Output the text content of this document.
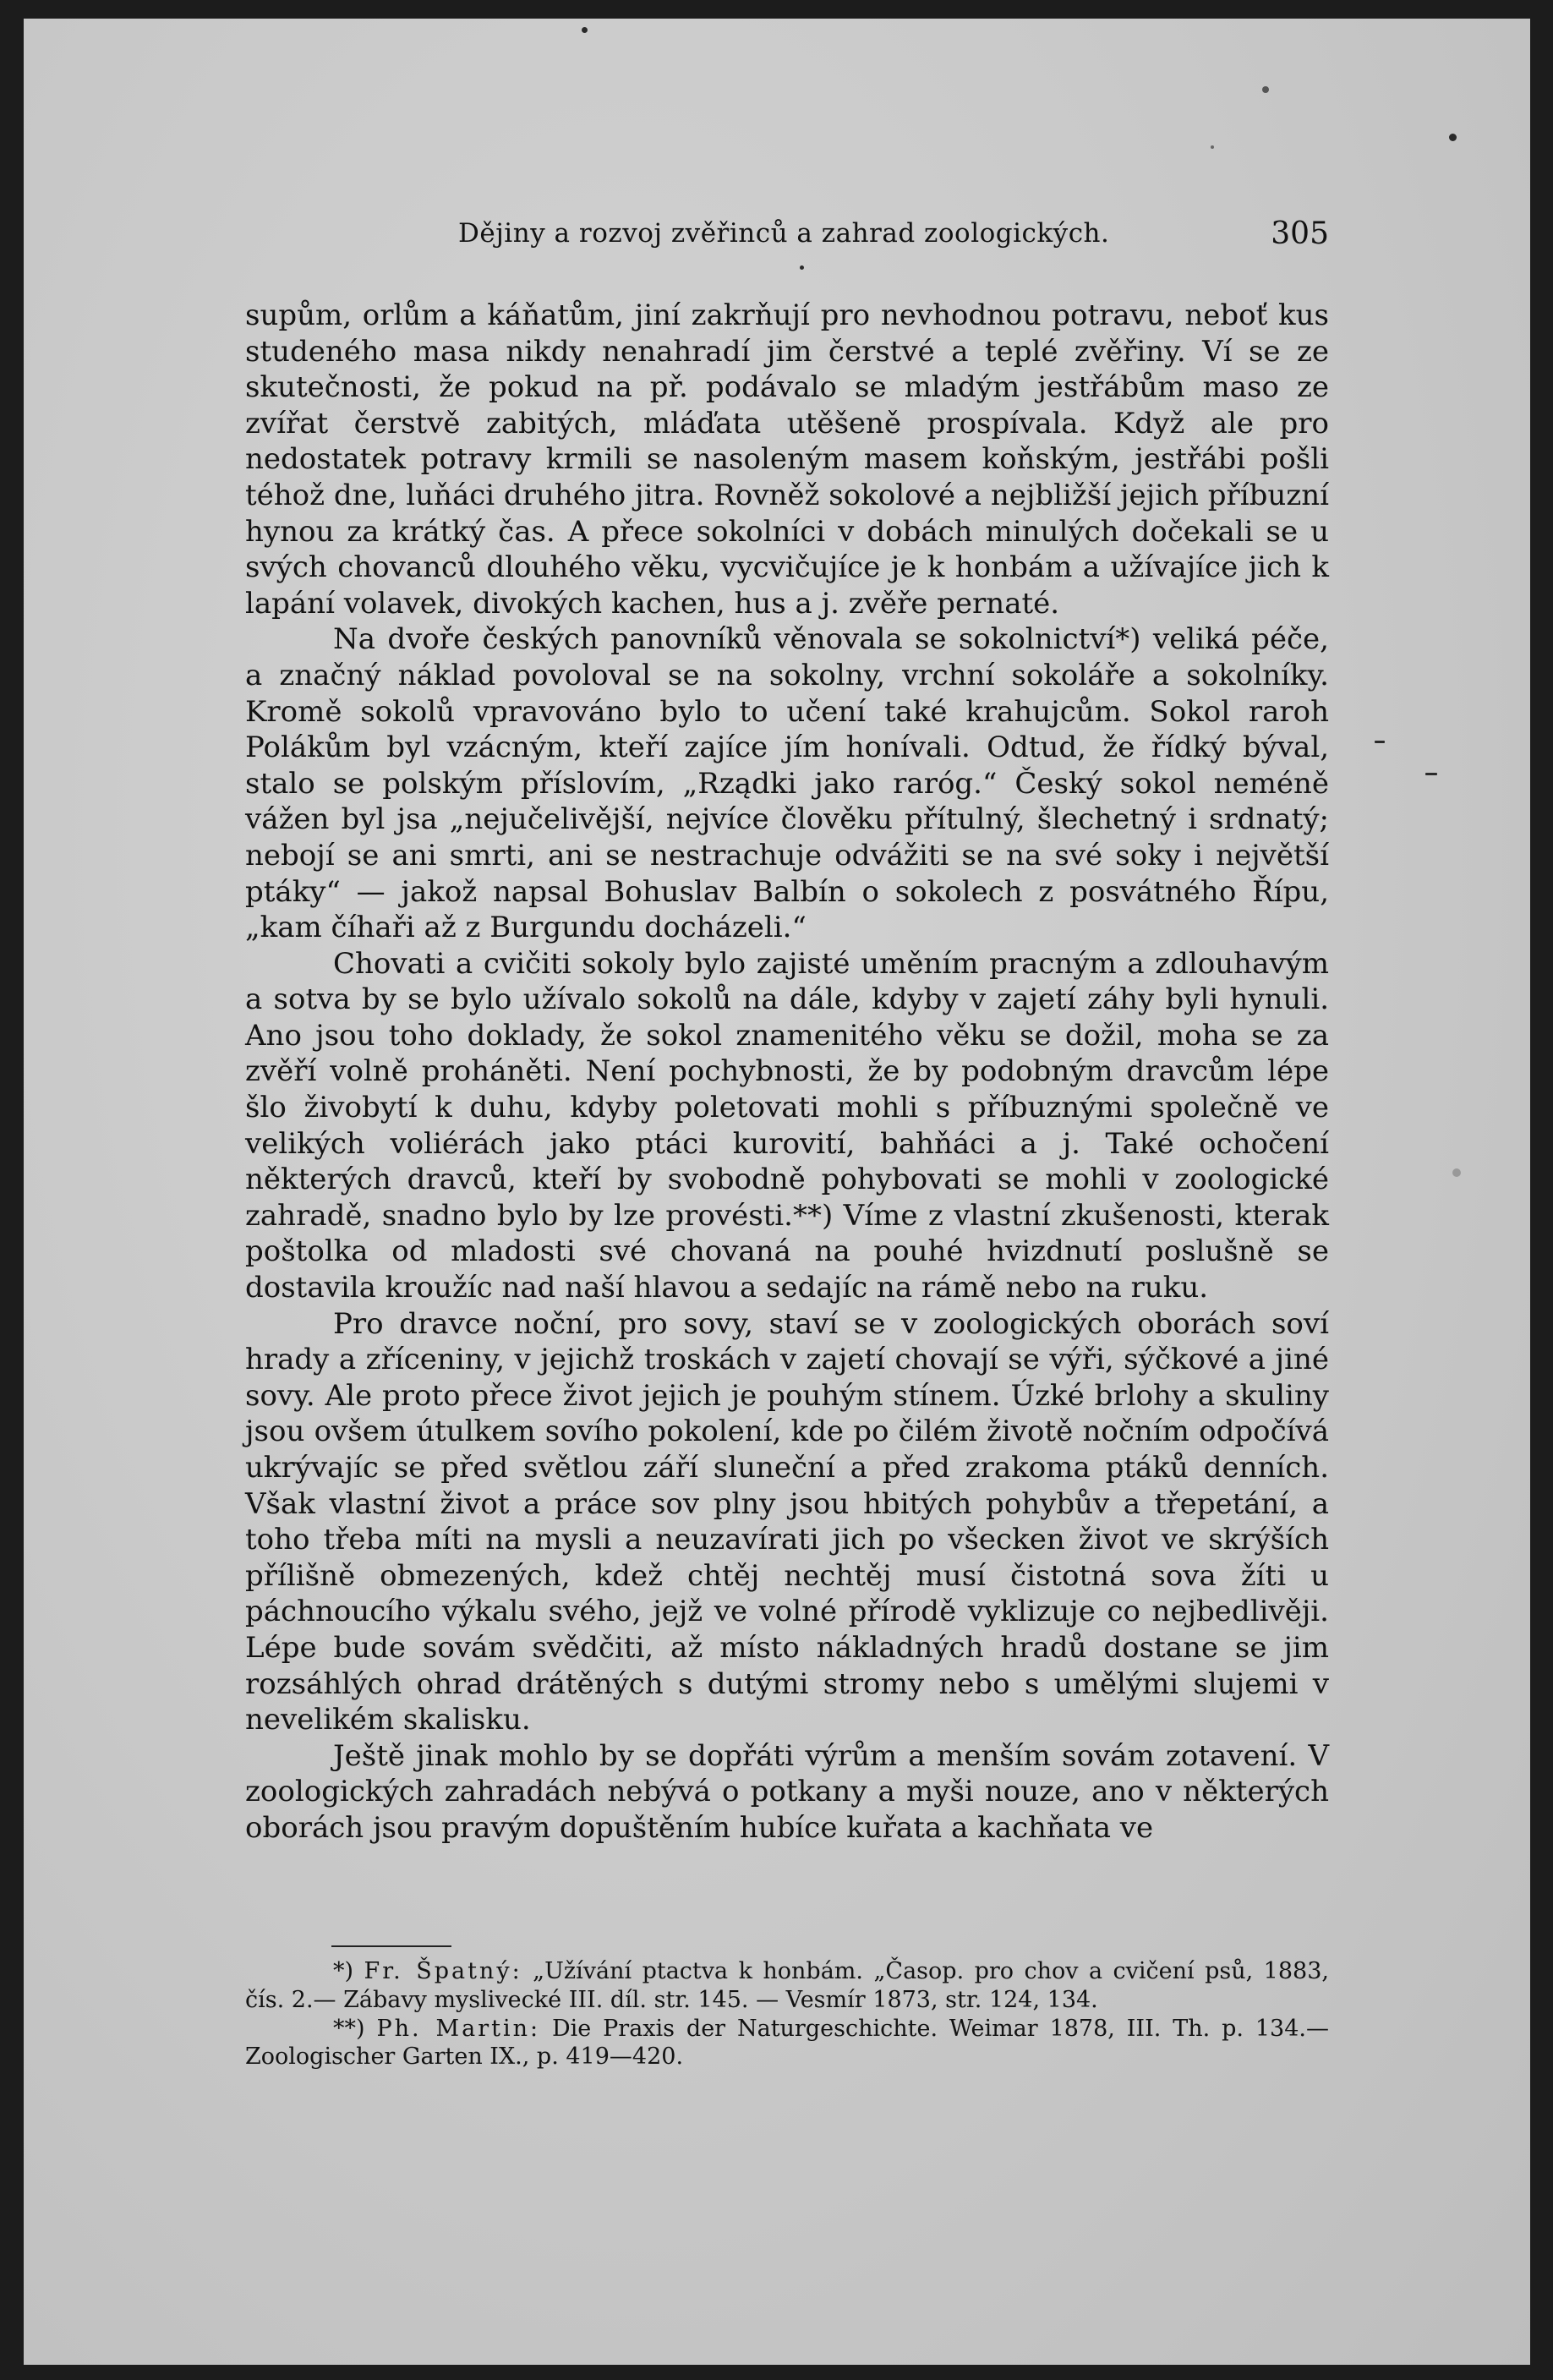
Dějiny a rozvoj zvěřinců a zahrad zoologických.	305

supům, orlům a káňatům, jiní zakrňují pro nevhodnou potravu, neboť kus studeného masa nikdy nenahradí jim čerstvé a teplé zvěřiny. Ví se ze skutečnosti, že pokud na př. podávalo se mladým jestřábům maso ze zvířat čerstvě zabitých, mláďata utěšeně prospívala. Když ale pro nedostatek potravy krmili se nasoleným masem koňským, jestřábi pošli téhož dne, luňáci druhého jitra. Rovněž sokolové a nejbližší jejich příbuzní hynou za krátký čas. A přece sokolníci v dobách minulých dočekali se u svých chovanců dlouhého věku, vycvičujíce je k honbám a užívajíce jich k lapání volavek, divokých kachen, hus a j. zvěře pernaté.

Na dvoře českých panovníků věnovala se sokolnictví*) veliká péče, a značný náklad povoloval se na sokolny, vrchní sokoláře a sokolníky. Kromě sokolů vpravováno bylo to učení také krahujcům. Sokol raroh Polákům byl vzácným, kteří zajíce jím honívali. Odtud, že řídký býval, stalo se polským příslovím, „Rządki jako raróg.“ Český sokol neméně vážen byl jsa „nejučelivější, nejvíce člověku přítulný, šlechetný i srdnatý; nebojí se ani smrti, ani se nestrachuje odvážiti se na své soky i největší ptáky“ — jakož napsal Bohuslav Balbín o sokolech z posvátného Řípu, „kam číhaři až z Burgundu docházeli.“

Chovati a cvičiti sokoly bylo zajisté uměním pracným a zdlouhavým a sotva by se bylo užívalo sokolů na dále, kdyby v zajetí záhy byli hynuli. Ano jsou toho doklady, že sokol znamenitého věku se dožil, moha se za zvěří volně proháněti. Není pochybnosti, že by podobným dravcům lépe šlo živobytí k duhu, kdyby poletovati mohli s příbuznými společně ve velikých voliérách jako ptáci kurovití, bahňáci a j. Také ochočení některých dravců, kteří by svobodně pohybovati se mohli v zoologické zahradě, snadno bylo by lze provésti.**) Víme z vlastní zkušenosti, kterak poštolka od mladosti své chovaná na pouhé hvizdnutí poslušně se dostavila kroužíc nad naší hlavou a sedajíc na rámě nebo na ruku.

Pro dravce noční, pro sovy, staví se v zoologických oborách soví hrady a zříceniny, v jejichž troskách v zajetí chovají se výři, sýčkové a jiné sovy. Ale proto přece život jejich je pouhým stínem. Úzké brlohy a skuliny jsou ovšem útulkem sovího pokolení, kde po čilém životě nočním odpočívá ukrývajíc se před světlou září sluneční a před zrakoma ptáků denních. Však vlastní život a práce sov plny jsou hbitých pohybův a třepetání, a toho třeba míti na mysli a neuzavírati jich po všecken život ve skrýších přílišně obmezených, kdež chtěj nechtěj musí čistotná sova žíti u páchnoucího výkalu svého, jejž ve volné přírodě vyklizuje co nejbedlivěji. Lépe bude sovám svědčiti, až místo nákladných hradů dostane se jim rozsáhlých ohrad drátěných s dutými stromy nebo s umělými slujemi v nevelikém skalisku.

Ještě jinak mohlo by se dopřáti výrům a menším sovám zotavení. V zoologických zahradách nebývá o potkany a myši nouze, ano v některých oborách jsou pravým dopuštěním hubíce kuřata a kachňata ve

*) Fr. Špatný: „Užívání ptactva k honbám. „Časop. pro chov a cvičení psů, 1883, čís. 2.— Zábavy myslivecké III. díl. str. 145. — Vesmír 1873, str. 124, 134.

**) Ph. Martin: Die Praxis der Naturgeschichte. Weimar 1878, III. Th. p. 134.— Zoologischer Garten IX., p. 419—420.
